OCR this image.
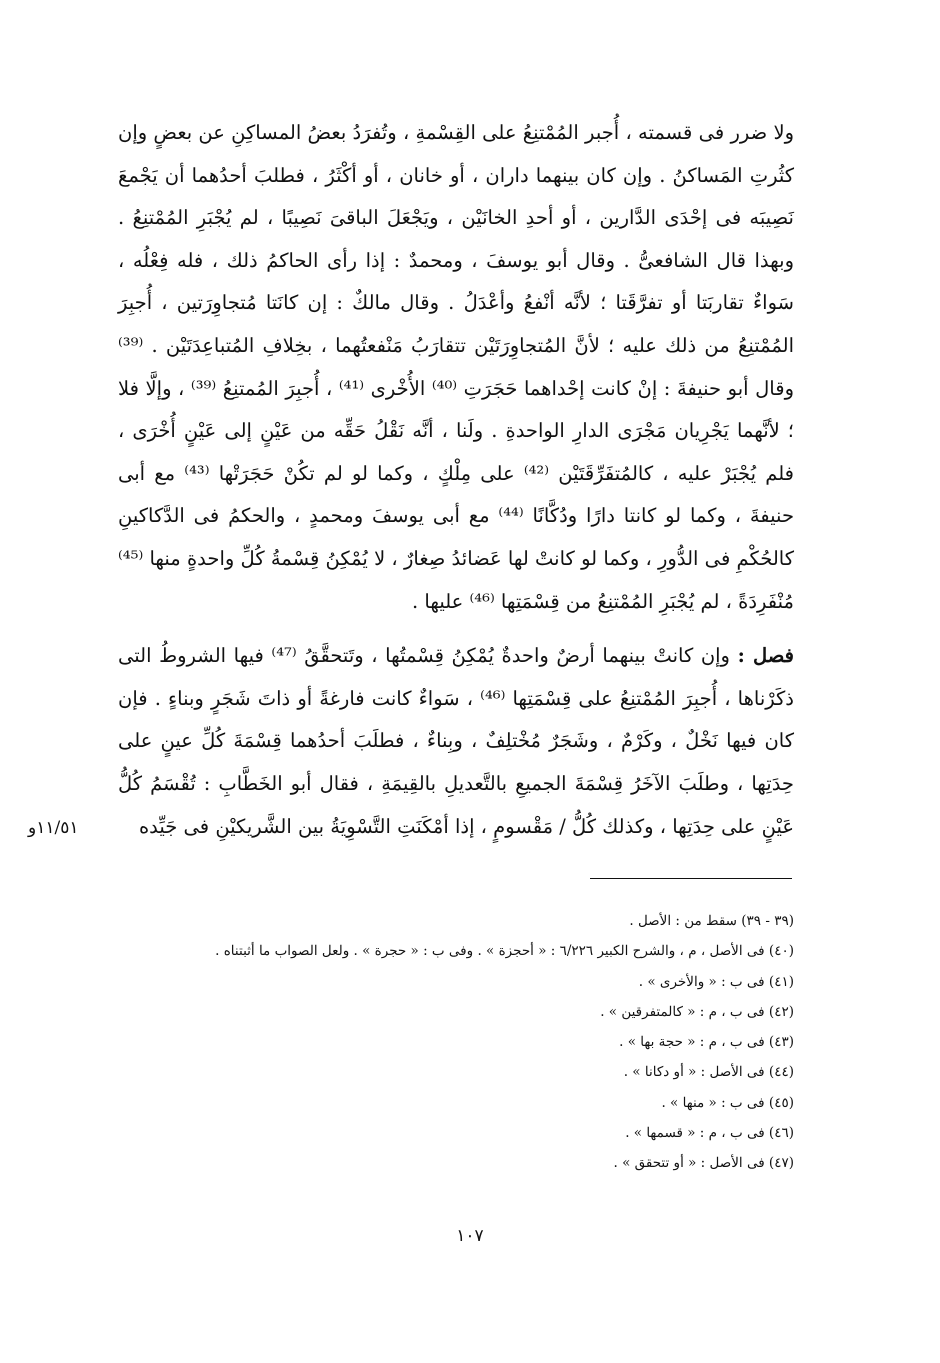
ولا ضرر فى قسمته ، أُجبر المُمْتنِعُ على القِسْمةِ ، وتُفرَدُ بعضُ المساكِنِ عن بعضٍ وإن كثُرتِ المَساكنُ . وإن كان بينهما داران ، أو خانان ، أو أكْثَرُ ، فطلبَ أحدُهما أن يَجْمعَ نَصِيبَه فى إحْدَى الدَّارين ، أو أحدِ الخانَيْن ، ويَجْعَلَ الباقىَ نَصِيبًا ، لم يُجْبَرِ المُمْتنِعُ . وبهذا قال الشافعىُّ . وقال أبو يوسفَ ، ومحمدٌ : إذا رأى الحاكمُ ذلك ، فله فِعْلُه ، سَواءٌ تقاربَتا أو تفرَّقَتا ؛ لأنَّه أنْفعُ وأعْدَلُ . وقال مالكٌ : إن كانَتا مُتجاوِرَتين ، أُجبِرَ المُمْتنِعُ من ذلك عليه ؛ لأنَّ المُتجاوِرَتَيْن تتقارَبُ مَنْفعتُهما ، بخِلافِ المُتباعِدَتَيْن . ⁽³⁹⁾وقال أبو حنيفةَ : إنْ كانت إحْداهما حَجَرَتِ ⁽⁴⁰⁾ الأُخْرى ⁽⁴¹⁾ ، أُجبِرَ المُمتنِعُ ⁽³⁹⁾ ، وإلَّا فلا ؛ لأنَّهما يَجْرِيان مَجْرَى الدارِ الواحدةِ . ولَنا ، أنَّه نَقْلُ حَقِّه من عَيْنٍ إلى عَيْنٍ أُخْرَى ، فلم يُجْبَرْ عليه ، كالمُتفَرِّقَتَيْن ⁽⁴²⁾ على مِلْكٍ ، وكما لو لم تكُنْ حَجَرَتْها ⁽⁴³⁾ مع أبى حنيفةَ ، وكما لو كانتا دارًا ودُكَّانًا ⁽⁴⁴⁾ مع أبى يوسفَ ومحمدٍ ، والحكمُ فى الدَّكاكينِ كالحُكْمِ فى الدُّورِ ، وكما لو كانتْ لها عَضائدُ صِغارٌ ، لا يُمْكِنُ قِسْمةُ كُلِّ واحدةٍ منها ⁽⁴⁵⁾ مُنْفَرِدَةً ، لم يُجْبَرِ المُمْتنِعُ من قِسْمَتِها ⁽⁴⁶⁾ عليها .

فصل : وإن كانتْ بينهما أرضٌ واحدةٌ يُمْكِنُ قِسْمتُها ، وتَتحقَّقُ ⁽⁴⁷⁾ فيها الشروطُ التى ذكَرْناها ، أُجبِرَ المُمْتنِعُ على قِسْمَتِها ⁽⁴⁶⁾ ، سَواءٌ كانت فارغةً أو ذاتَ شَجَرٍ وبناءٍ . فإن كان فيها نَخْلٌ ، وكَرْمٌ ، وشَجَرٌ مُخْتلِفٌ ، وبِناءٌ ، فطلَبَ أحدُهما قِسْمَةَ كُلِّ عينٍ على حِدَتِها ، وطلَبَ الآخَرُ قِسْمَةَ الجميعِ بالتَّعديلِ بالقِيمَةِ ، فقال أبو الخَطَّابِ : تُقْسَمُ كُلُّ عَيْنٍ على حِدَتِها ، وكذلك كُلُّ / مَقْسومٍ ، إذا أمْكَنَتِ التَّسْوِيَةُ بين الشَّريكيْنِ فى جَيِّده

١١/٥١و
(٣٩ - ٣٩) سقط من : الأصل .
(٤٠) فى الأصل ، م ، والشرح الكبير ٦/٢٢٦ : « أحجزة » . وفى ب : « حجرة » . ولعل الصواب ما أثبتناه .
(٤١) فى ب : « والأخرى » .
(٤٢) فى ب ، م : « كالمتفرقين » .
(٤٣) فى ب ، م : « حجة بها » .
(٤٤) فى الأصل : « أو دكانا » .
(٤٥) فى ب : « منها » .
(٤٦) فى ب ، م : « قسمها » .
(٤٧) فى الأصل : « أو تتحقق » .
١٠٧
